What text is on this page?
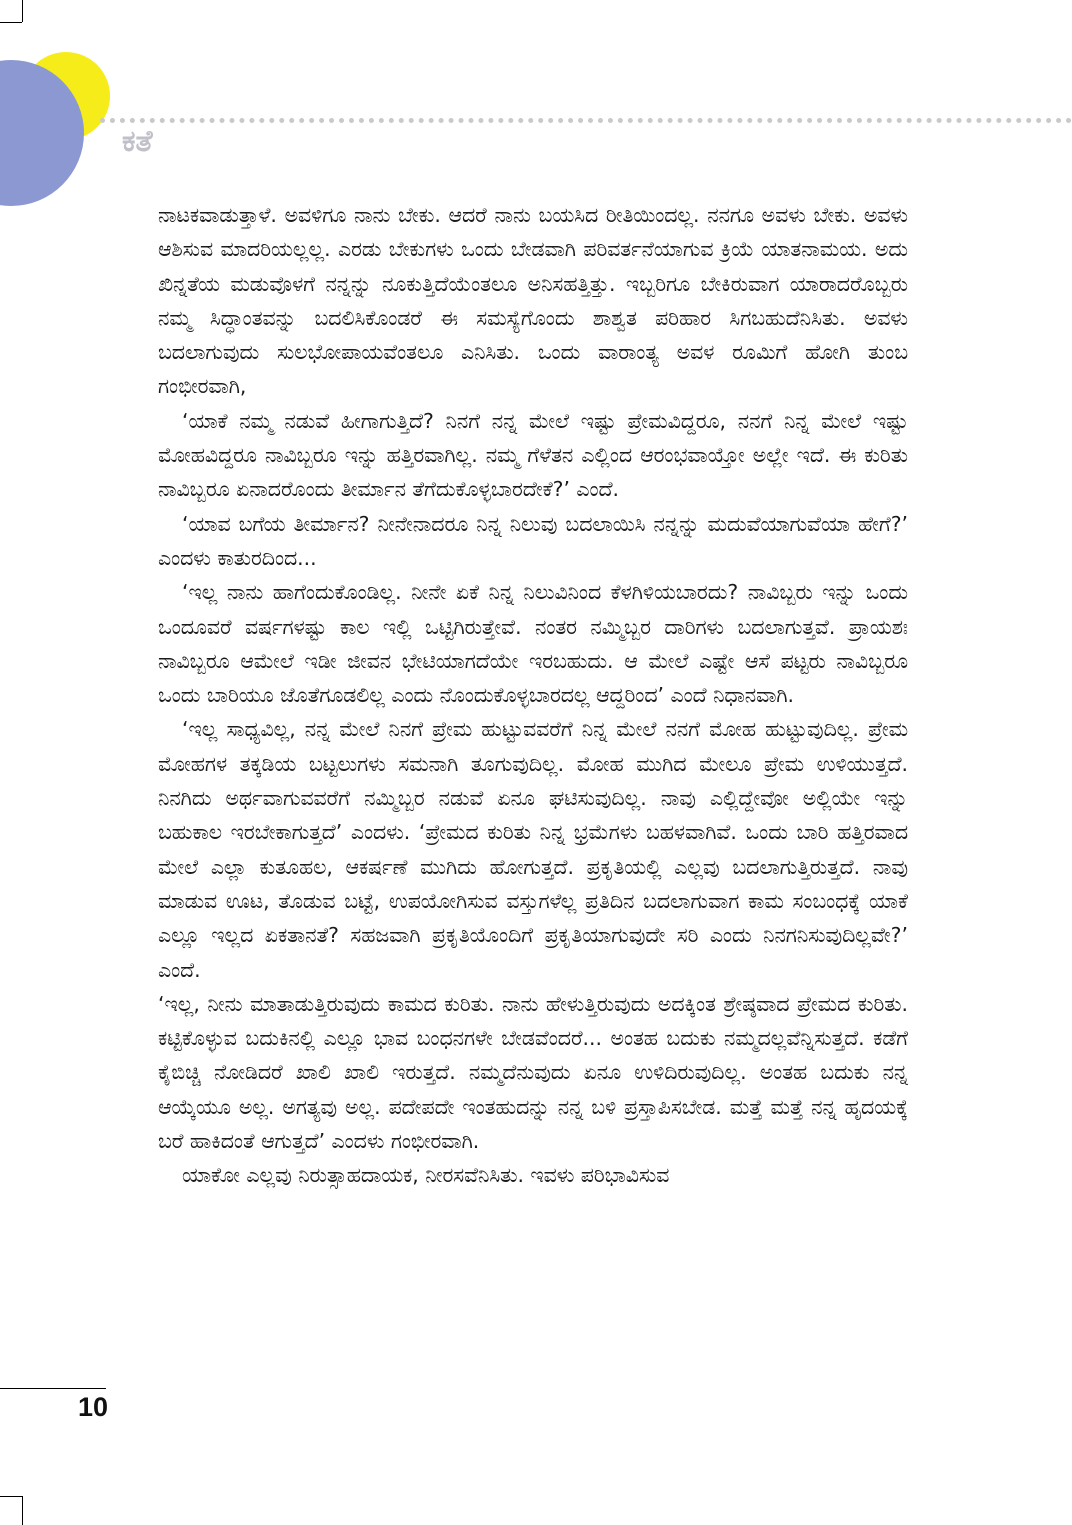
ಕತೆ

ನಾಟಕವಾಡುತ್ತಾಳೆ. ಅವಳಿಗೂ ನಾನು ಬೇಕು. ಆದರೆ ನಾನು ಬಯಸಿದ ರೀತಿಯಿಂದಲ್ಲ. ನನಗೂ ಅವಳು ಬೇಕು. ಅವಳು ಆಶಿಸುವ ಮಾದರಿಯಲ್ಲಲ್ಲ. ಎರಡು ಬೇಕುಗಳು ಒಂದು ಬೇಡವಾಗಿ ಪರಿವರ್ತನೆಯಾಗುವ ಕ್ರಿಯೆ ಯಾತನಾಮಯ. ಅದು ಖಿನ್ನತೆಯ ಮಡುವೊಳಗೆ ನನ್ನನ್ನು ನೂಕುತ್ತಿದೆಯೆಂತಲೂ ಅನಿಸಹತ್ತಿತ್ತು. ಇಬ್ಬರಿಗೂ ಬೇಕಿರುವಾಗ ಯಾರಾದರೊಬ್ಬರು ನಮ್ಮ ಸಿದ್ಧಾಂತವನ್ನು ಬದಲಿಸಿಕೊಂಡರೆ ಈ ಸಮಸ್ಯೆಗೊಂದು ಶಾಶ್ವತ ಪರಿಹಾರ ಸಿಗಬಹುದೆನಿಸಿತು. ಅವಳು ಬದಲಾಗುವುದು ಸುಲಭೋಪಾಯವೆಂತಲೂ ಎನಿಸಿತು. ಒಂದು ವಾರಾಂತ್ಯ ಅವಳ ರೂಮಿಗೆ ಹೋಗಿ ತುಂಬ ಗಂಭೀರವಾಗಿ,

‘ಯಾಕೆ ನಮ್ಮ ನಡುವೆ ಹೀಗಾಗುತ್ತಿದೆ? ನಿನಗೆ ನನ್ನ ಮೇಲೆ ಇಷ್ಟು ಪ್ರೇಮವಿದ್ದರೂ, ನನಗೆ ನಿನ್ನ ಮೇಲೆ ಇಷ್ಟು ಮೋಹವಿದ್ದರೂ ನಾವಿಬ್ಬರೂ ಇನ್ನು ಹತ್ತಿರವಾಗಿಲ್ಲ. ನಮ್ಮ ಗೆಳೆತನ ಎಲ್ಲಿಂದ ಆರಂಭವಾಯ್ತೋ ಅಲ್ಲೇ ಇದೆ. ಈ ಕುರಿತು ನಾವಿಬ್ಬರೂ ಏನಾದರೊಂದು ತೀರ್ಮಾನ ತೆಗೆದುಕೊಳ್ಳಬಾರದೇಕೆ?’ ಎಂದೆ.

‘ಯಾವ ಬಗೆಯ ತೀರ್ಮಾನ? ನೀನೇನಾದರೂ ನಿನ್ನ ನಿಲುವು ಬದಲಾಯಿಸಿ ನನ್ನನ್ನು ಮದುವೆಯಾಗುವೆಯಾ ಹೇಗೆ?’ ಎಂದಳು ಕಾತುರದಿಂದ...

‘ಇಲ್ಲ ನಾನು ಹಾಗೆಂದುಕೊಂಡಿಲ್ಲ. ನೀನೇ ಏಕೆ ನಿನ್ನ ನಿಲುವಿನಿಂದ ಕೆಳಗಿಳಿಯಬಾರದು? ನಾವಿಬ್ಬರು ಇನ್ನು ಒಂದು ಒಂದೂವರೆ ವರ್ಷಗಳಷ್ಟು ಕಾಲ ಇಲ್ಲಿ ಒಟ್ಟಿಗಿರುತ್ತೇವೆ. ನಂತರ ನಮ್ಮಿಬ್ಬರ ದಾರಿಗಳು ಬದಲಾಗುತ್ತವೆ. ಪ್ರಾಯಶಃ ನಾವಿಬ್ಬರೂ ಆಮೇಲೆ ಇಡೀ ಜೀವನ ಭೇಟಿಯಾಗದೆಯೇ ಇರಬಹುದು. ಆ ಮೇಲೆ ಎಷ್ಟೇ ಆಸೆ ಪಟ್ಟರು ನಾವಿಬ್ಬರೂ ಒಂದು ಬಾರಿಯೂ ಜೊತೆಗೂಡಲಿಲ್ಲ ಎಂದು ನೊಂದುಕೊಳ್ಳಬಾರದಲ್ಲ ಆದ್ದರಿಂದ’ ಎಂದೆ ನಿಧಾನವಾಗಿ.

‘ಇಲ್ಲ ಸಾಧ್ಯವಿಲ್ಲ, ನನ್ನ ಮೇಲೆ ನಿನಗೆ ಪ್ರೇಮ ಹುಟ್ಟುವವರೆಗೆ ನಿನ್ನ ಮೇಲೆ ನನಗೆ ಮೋಹ ಹುಟ್ಟುವುದಿಲ್ಲ. ಪ್ರೇಮ ಮೋಹಗಳ ತಕ್ಕಡಿಯ ಬಟ್ಟಲುಗಳು ಸಮನಾಗಿ ತೂಗುವುದಿಲ್ಲ. ಮೋಹ ಮುಗಿದ ಮೇಲೂ ಪ್ರೇಮ ಉಳಿಯುತ್ತದೆ. ನಿನಗಿದು ಅರ್ಥವಾಗುವವರೆಗೆ ನಮ್ಮಿಬ್ಬರ ನಡುವೆ ಏನೂ ಘಟಿಸುವುದಿಲ್ಲ. ನಾವು ಎಲ್ಲಿದ್ದೇವೋ ಅಲ್ಲಿಯೇ ಇನ್ನು ಬಹುಕಾಲ ಇರಬೇಕಾಗುತ್ತದೆ’ ಎಂದಳು. ‘ಪ್ರೇಮದ ಕುರಿತು ನಿನ್ನ ಭ್ರಮೆಗಳು ಬಹಳವಾಗಿವೆ. ಒಂದು ಬಾರಿ ಹತ್ತಿರವಾದ ಮೇಲೆ ಎಲ್ಲಾ ಕುತೂಹಲ, ಆಕರ್ಷಣೆ ಮುಗಿದು ಹೋಗುತ್ತದೆ. ಪ್ರಕೃತಿಯಲ್ಲಿ ಎಲ್ಲವು ಬದಲಾಗುತ್ತಿರುತ್ತದೆ. ನಾವು ಮಾಡುವ ಊಟ, ತೊಡುವ ಬಟ್ಟೆ, ಉಪಯೋಗಿಸುವ ವಸ್ತುಗಳೆಲ್ಲ ಪ್ರತಿದಿನ ಬದಲಾಗುವಾಗ ಕಾಮ ಸಂಬಂಧಕ್ಕೆ ಯಾಕೆ ಎಲ್ಲೂ ಇಲ್ಲದ ಏಕತಾನತೆ? ಸಹಜವಾಗಿ ಪ್ರಕೃತಿಯೊಂದಿಗೆ ಪ್ರಕೃತಿಯಾಗುವುದೇ ಸರಿ ಎಂದು ನಿನಗನಿಸುವುದಿಲ್ಲವೇ?’ ಎಂದೆ.

‘ಇಲ್ಲ, ನೀನು ಮಾತಾಡುತ್ತಿರುವುದು ಕಾಮದ ಕುರಿತು. ನಾನು ಹೇಳುತ್ತಿರುವುದು ಅದಕ್ಕಿಂತ ಶ್ರೇಷ್ಠವಾದ ಪ್ರೇಮದ ಕುರಿತು. ಕಟ್ಟಿಕೊಳ್ಳುವ ಬದುಕಿನಲ್ಲಿ ಎಲ್ಲೂ ಭಾವ ಬಂಧನಗಳೇ ಬೇಡವೆಂದರೆ... ಅಂತಹ ಬದುಕು ನಮ್ಮದಲ್ಲವೆನ್ನಿಸುತ್ತದೆ. ಕಡೆಗೆ ಕೈಬಿಚ್ಚಿ ನೋಡಿದರೆ ಖಾಲಿ ಖಾಲಿ ಇರುತ್ತದೆ. ನಮ್ಮದೆನುವುದು ಏನೂ ಉಳಿದಿರುವುದಿಲ್ಲ. ಅಂತಹ ಬದುಕು ನನ್ನ ಆಯ್ಕೆಯೂ ಅಲ್ಲ. ಅಗತ್ಯವು ಅಲ್ಲ. ಪದೇಪದೇ ಇಂತಹುದನ್ನು ನನ್ನ ಬಳಿ ಪ್ರಸ್ತಾಪಿಸಬೇಡ. ಮತ್ತೆ ಮತ್ತೆ ನನ್ನ ಹೃದಯಕ್ಕೆ ಬರೆ ಹಾಕಿದಂತೆ ಆಗುತ್ತದೆ’ ಎಂದಳು ಗಂಭೀರವಾಗಿ.

ಯಾಕೋ ಎಲ್ಲವು ನಿರುತ್ಸಾಹದಾಯಕ, ನೀರಸವೆನಿಸಿತು. ಇವಳು ಪರಿಭಾವಿಸುವ

10
